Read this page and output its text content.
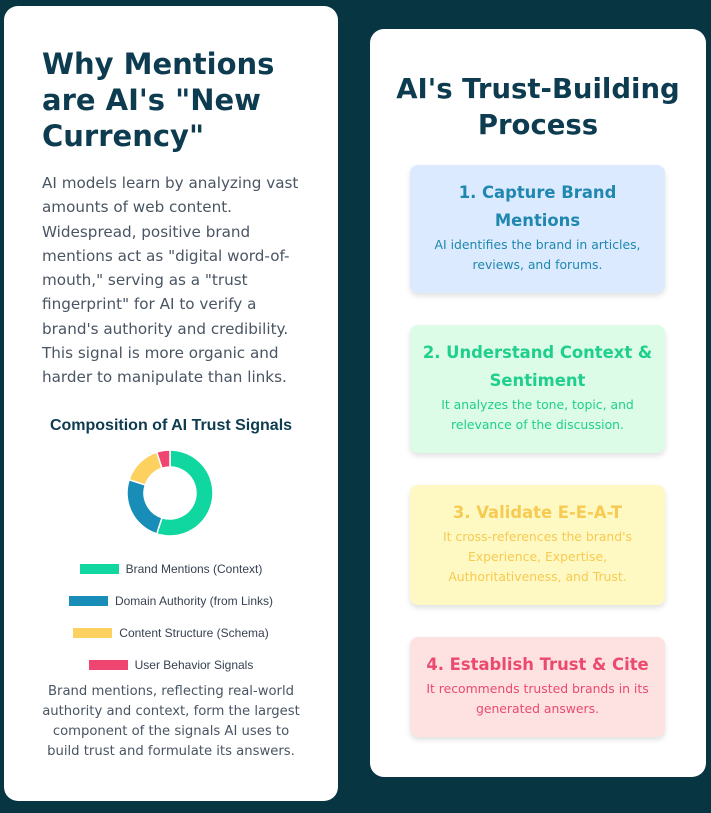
Why Mentions are AI's "New Currency"

AI models learn by analyzing vast amounts of web content. Widespread, positive brand mentions act as "digital word-of-mouth," serving as a "trust fingerprint" for AI to verify a brand's authority and credibility. This signal is more organic and harder to manipulate than links.

Composition of AI Trust Signals
Brand Mentions (Context)
Domain Authority (from Links)
Content Structure (Schema)
User Behavior Signals

Brand mentions, reflecting real-world authority and context, form the largest component of the signals AI uses to build trust and formulate its answers.

AI's Trust-Building Process
1. Capture Brand Mentions
AI identifies the brand in articles, reviews, and forums.
2. Understand Context & Sentiment
It analyzes the tone, topic, and relevance of the discussion.
3. Validate E-E-A-T
It cross-references the brand's Experience, Expertise, Authoritativeness, and Trust.
4. Establish Trust & Cite
It recommends trusted brands in its generated answers.
